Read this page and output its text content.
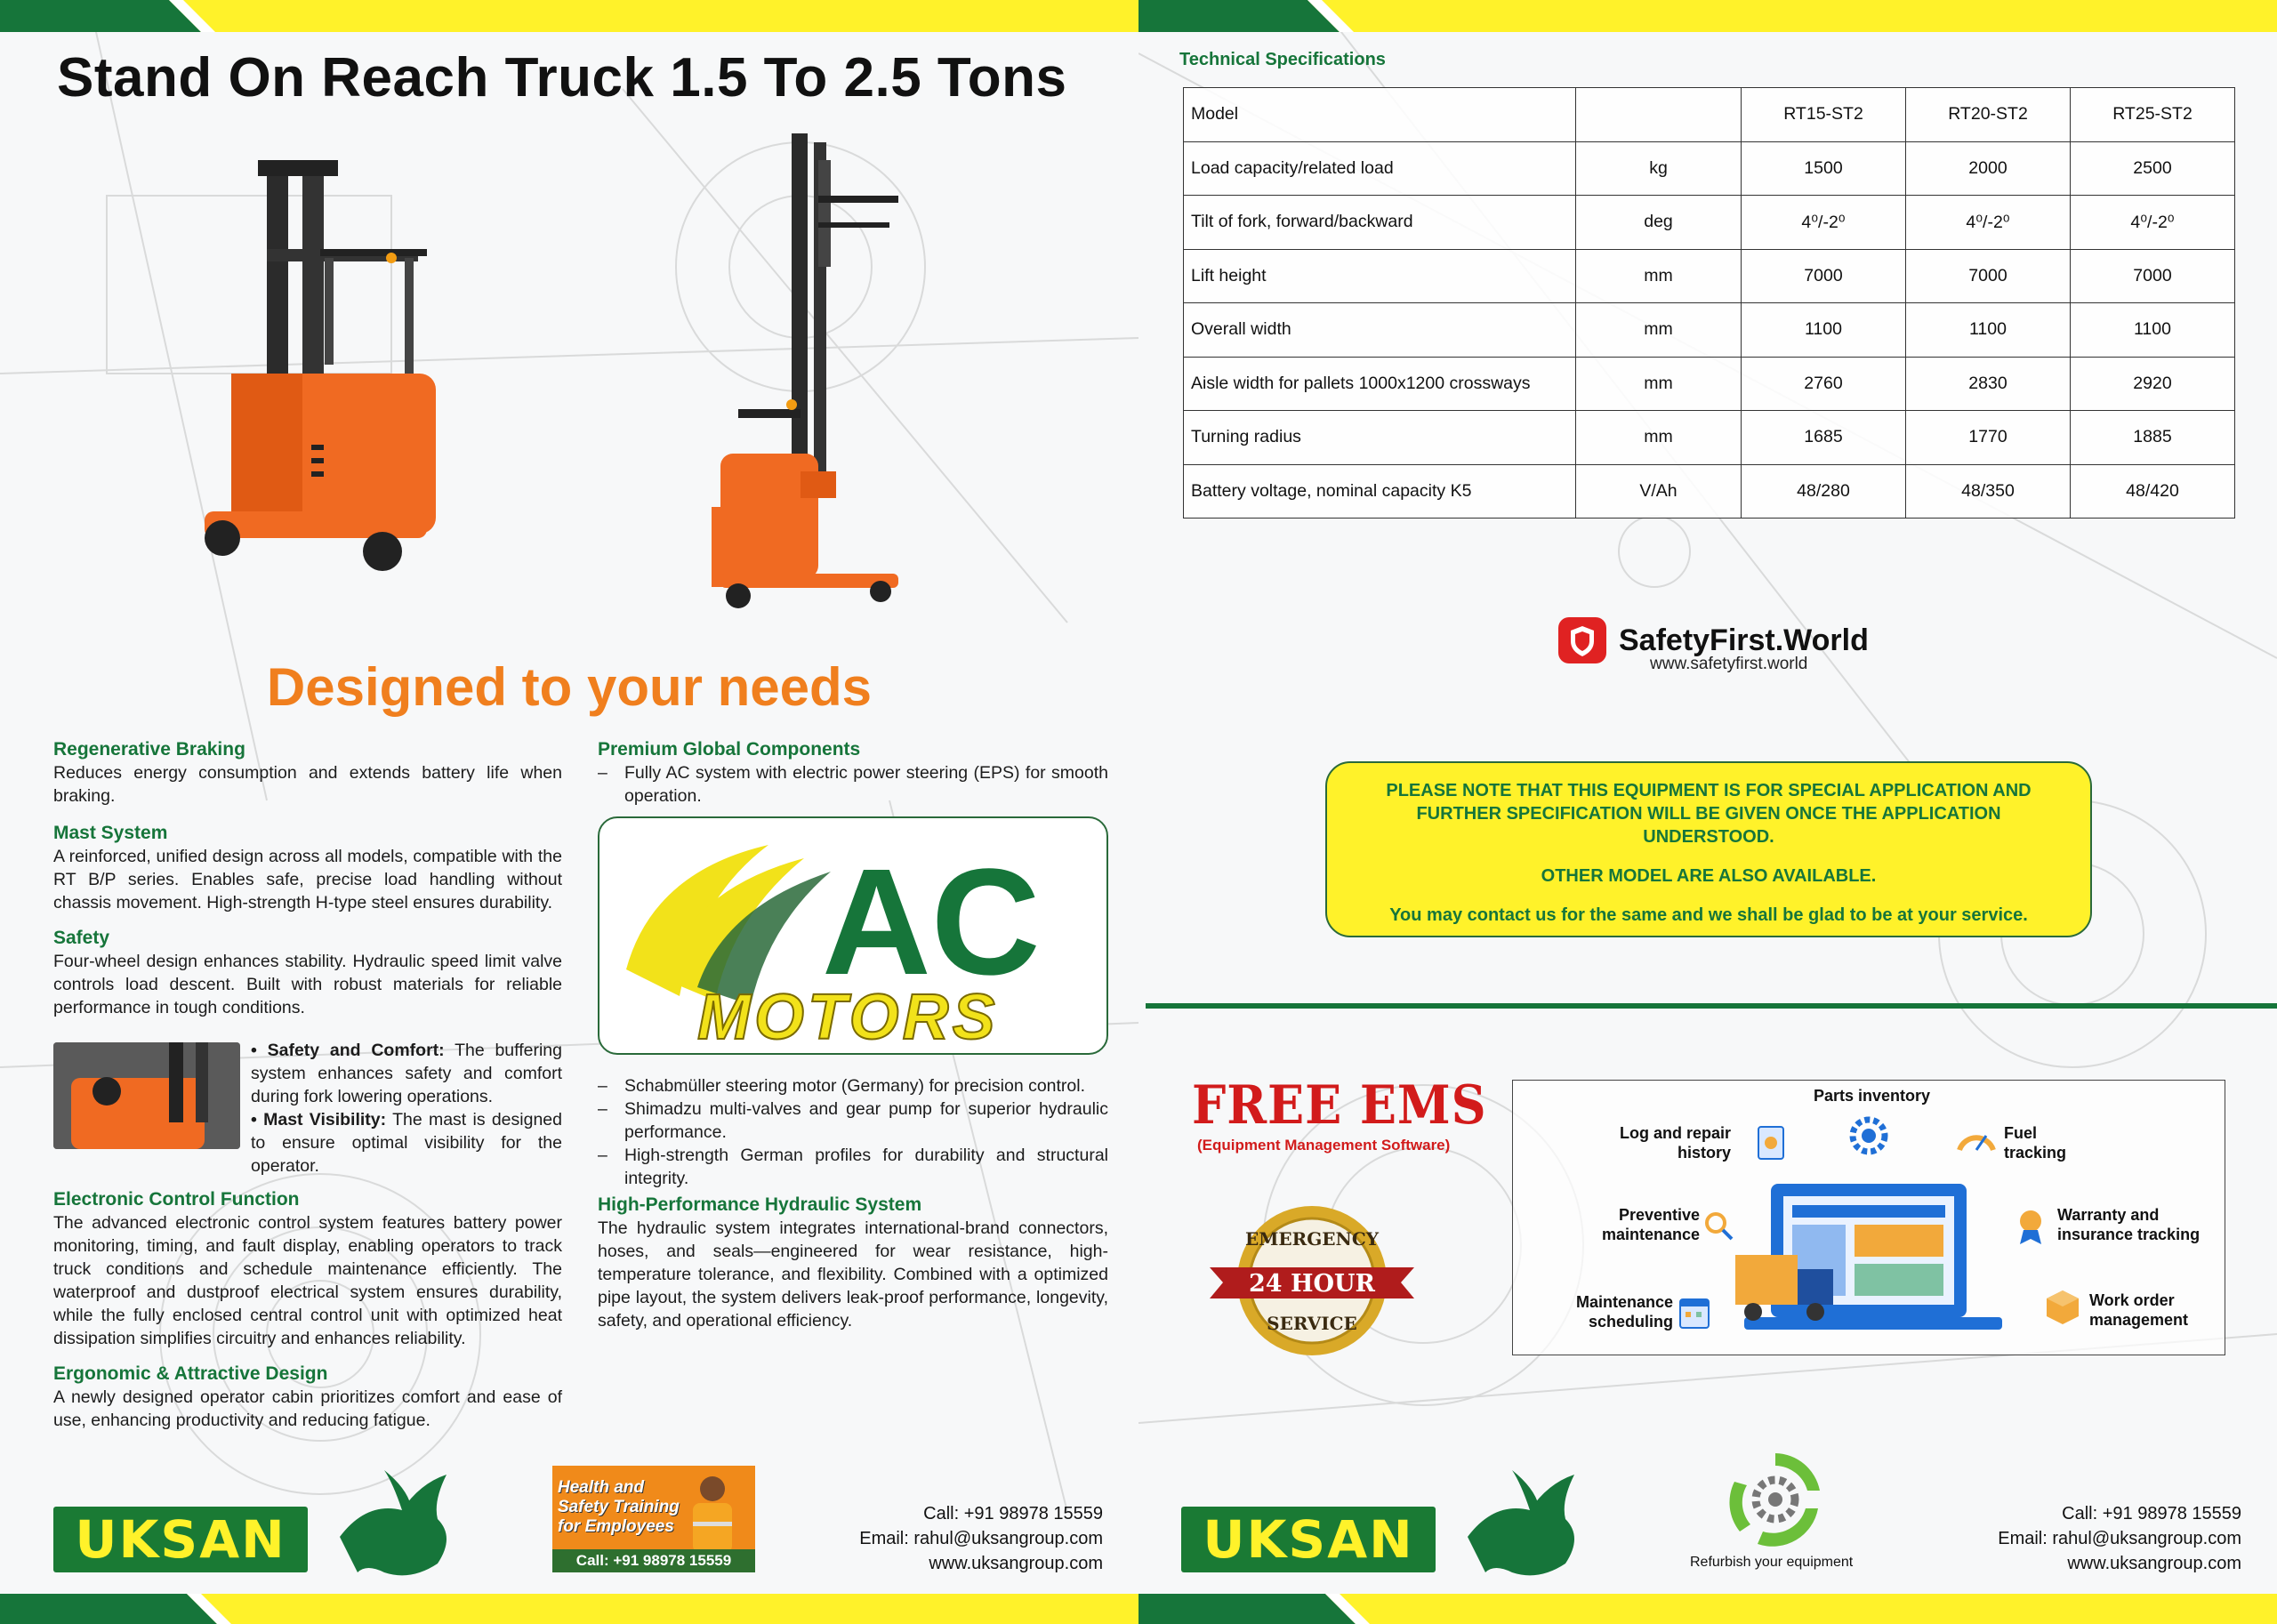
Stand On Reach Truck 1.5 To 2.5 Tons
Designed to your needs
Regenerative Braking

Reduces energy consumption and extends battery life when braking.

Mast System

A reinforced, unified design across all models, compatible with the RT B/P series. Enables safe, precise load handling without chassis movement. High-strength H-type steel ensures durability.

Safety

Four-wheel design enhances stability. Hydraulic speed limit valve controls load descent. Built with robust materials for reliable performance in tough conditions.

• Safety and Comfort: The buffering system enhances safety and comfort during fork lowering operations.

• Mast Visibility: The mast is designed to ensure optimal visibility for the operator.

Electronic Control Function

The advanced electronic control system features battery power monitoring, timing, and fault display, enabling operators to track truck conditions and schedule maintenance efficiently. The waterproof and dustproof electrical system ensures durability, while the fully enclosed central control unit with optimized heat dissipation simplifies circuitry and enhances reliability.

Ergonomic & Attractive Design

A newly designed operator cabin prioritizes comfort and ease of use, enhancing productivity and reducing fatigue.

Premium Global Components

– Fully AC system with electric power steering (EPS) for smooth operation.

AC
MOTORS

– Schabmüller steering motor (Germany) for precision control.

– Shimadzu multi-valves and gear pump for superior hydraulic performance.

– High-strength German profiles for durability and structural integrity.

High-Performance Hydraulic System

The hydraulic system integrates international-brand connectors, hoses, and seals—engineered for wear resistance, high-temperature tolerance, and flexibility. Combined with a optimized pipe layout, the system delivers leak-proof performance, longevity, safety, and operational efficiency.

UKSAN
Health and
Safety Training
for Employees
Call: +91 98978 15559
Call: +91 98978 15559
Email: rahul@uksangroup.com
www.uksangroup.com
Technical Specifications
Model		RT15-ST2	RT20-ST2	RT25-ST2
Load capacity/related load	kg	1500	2000	2500
Tilt of fork, forward/backward	deg	4⁰/-2⁰	4⁰/-2⁰	4⁰/-2⁰
Lift height	mm	7000	7000	7000
Overall width	mm	1100	1100	1100
Aisle width for pallets 1000x1200 crossways	mm	2760	2830	2920
Turning radius	mm	1685	1770	1885
Battery voltage, nominal capacity K5	V/Ah	48/280	48/350	48/420
SafetyFirst.World
www.safetyfirst.world

PLEASE NOTE THAT THIS EQUIPMENT IS FOR SPECIAL APPLICATION AND FURTHER SPECIFICATION WILL BE GIVEN ONCE THE APPLICATION UNDERSTOOD.

OTHER MODEL ARE ALSO AVAILABLE.

You may contact us for the same and we shall be glad to be at your service.

FREE EMS
(Equipment Management Software)
EMERGENCY
24 HOUR
SERVICE
Parts inventory
Log and repair
history
Fuel
tracking
Preventive
maintenance
Warranty and
insurance tracking
Maintenance
scheduling
Work order
management
UKSAN	Refurbish your equipment
Call: +91 98978 15559
Email: rahul@uksangroup.com
www.uksangroup.com
